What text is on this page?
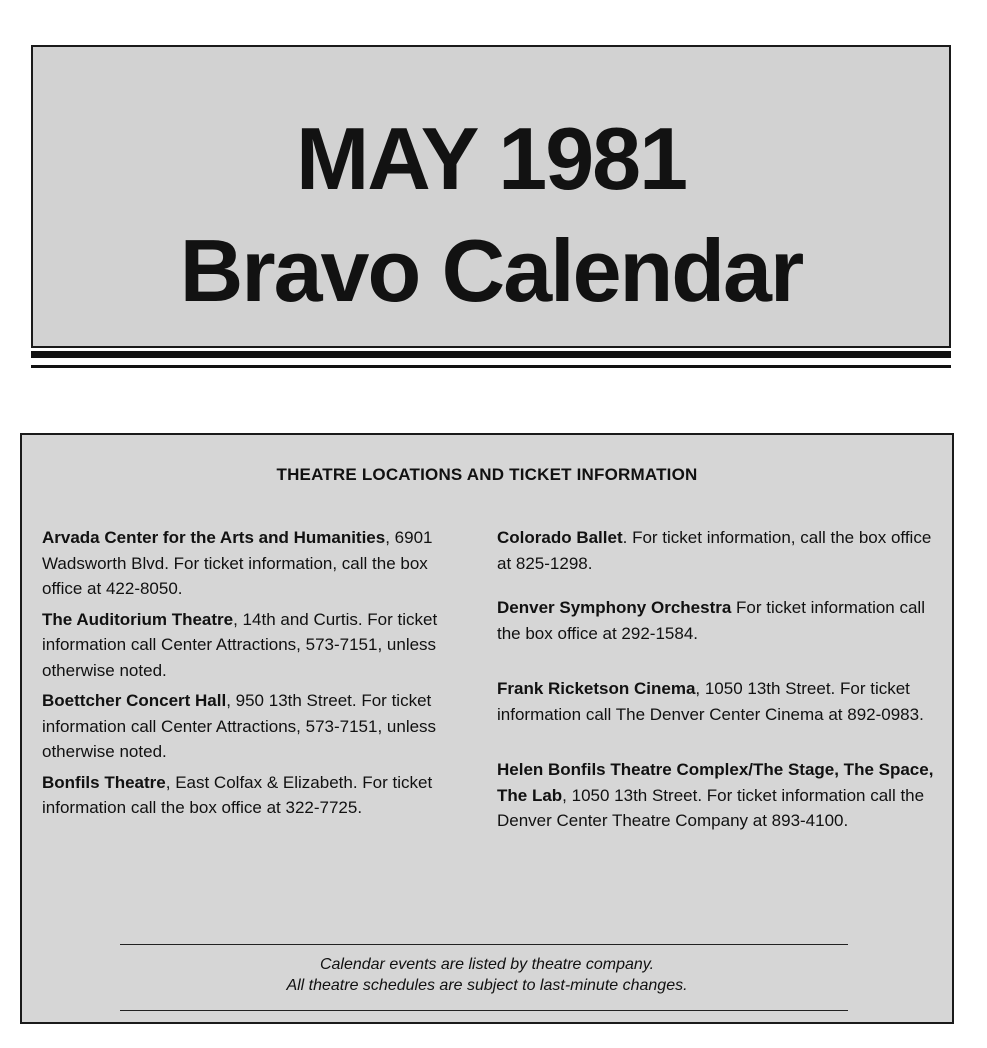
MAY 1981
Bravo Calendar
THEATRE LOCATIONS AND TICKET INFORMATION

Arvada Center for the Arts and Humanities, 6901 Wadsworth Blvd. For ticket information, call the box office at 422-8050.

The Auditorium Theatre, 14th and Curtis. For ticket information call Center Attractions, 573-7151, unless otherwise noted.

Boettcher Concert Hall, 950 13th Street. For ticket information call Center Attractions, 573-7151, unless otherwise noted.

Bonfils Theatre, East Colfax & Elizabeth. For ticket information call the box office at 322-7725.

Colorado Ballet. For ticket information, call the box office at 825-1298.

Denver Symphony Orchestra For ticket information call the box office at 292-1584.

Frank Ricketson Cinema, 1050 13th Street. For ticket information call The Denver Center Cinema at 892-0983.

Helen Bonfils Theatre Complex/The Stage, The Space, The Lab, 1050 13th Street. For ticket information call the Denver Center Theatre Company at 893-4100.

Calendar events are listed by theatre company.
All theatre schedules are subject to last-minute changes.
